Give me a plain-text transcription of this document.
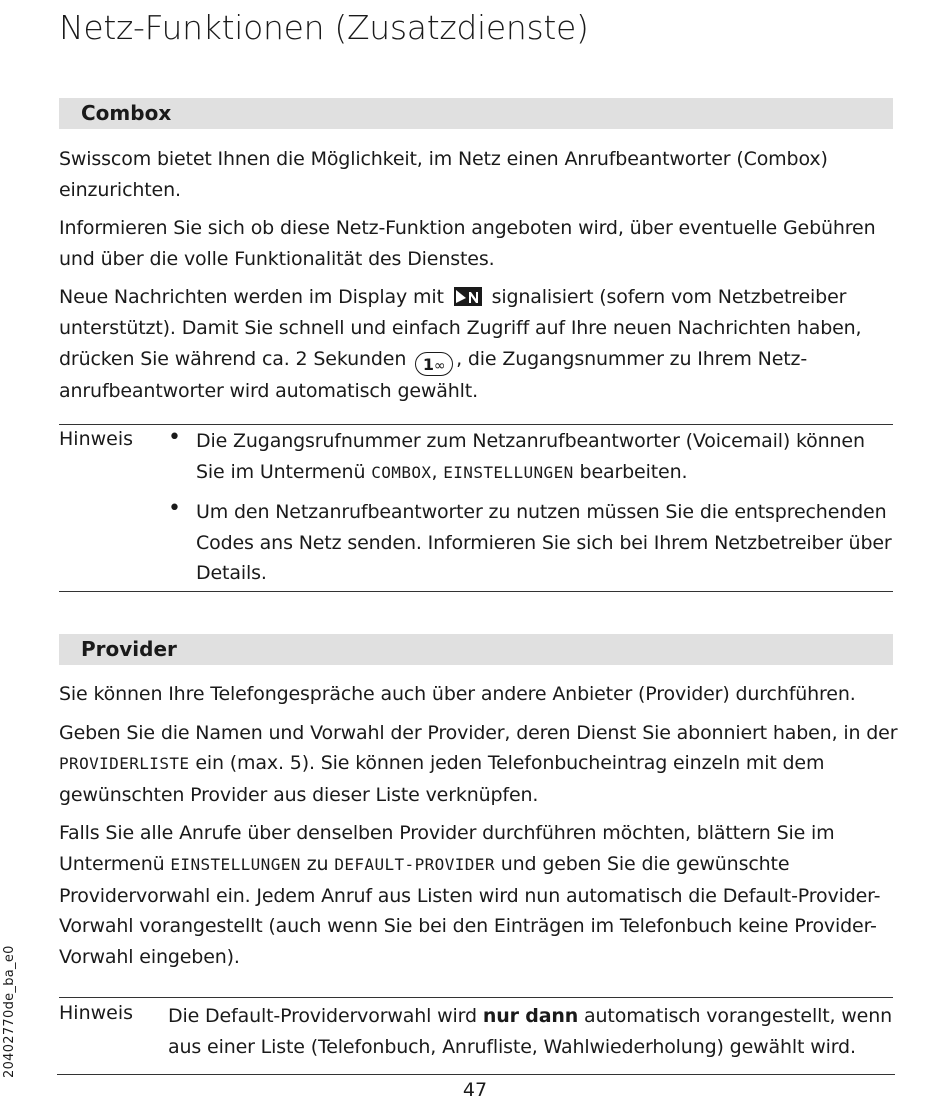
Netz-Funktionen (Zusatzdienste)
Combox

Swisscom bietet Ihnen die Möglichkeit, im Netz einen Anrufbeantworter (Combox) einzurichten.

Informieren Sie sich ob diese Netz-Funktion angeboten wird, über eventuelle Gebühren und über die volle Funktionalität des Dienstes.

Neue Nachrichten werden im Display mit	signalisiert (sofern vom Netzbetreiber unterstützt). Damit Sie schnell und einfach Zugriff auf Ihre neuen Nachrichten haben, drücken Sie während ca. 2 Sekunden 1∞ , die Zugangsnummer zu Ihrem Netz-anrufbeantworter wird automatisch gewählt.

Hinweis • Die Zugangsrufnummer zum Netzanrufbeantworter (Voicemail) können Sie im Untermenü COMBOX, EINSTELLUNGEN bearbeiten.
• Um den Netzanrufbeantworter zu nutzen müssen Sie die entsprechenden Codes ans Netz senden. Informieren Sie sich bei Ihrem Netzbetreiber über Details.
Provider

Sie können Ihre Telefongespräche auch über andere Anbieter (Provider) durchführen.

Geben Sie die Namen und Vorwahl der Provider, deren Dienst Sie abonniert haben, in der PROVIDERLISTE ein (max. 5). Sie können jeden Telefonbucheintrag einzeln mit dem gewünschten Provider aus dieser Liste verknüpfen.

Falls Sie alle Anrufe über denselben Provider durchführen möchten, blättern Sie im Untermenü EINSTELLUNGEN zu DEFAULT-PROVIDER und geben Sie die gewünschte Providervorwahl ein. Jedem Anruf aus Listen wird nun automatisch die Default-Provider-Vorwahl vorangestellt (auch wenn Sie bei den Einträgen im Telefonbuch keine Provider-Vorwahl eingeben).

Hinweis Die Default-Providervorwahl wird nur dann automatisch vorangestellt, wenn aus einer Liste (Telefonbuch, Anrufliste, Wahlwiederholung) gewählt wird.
20402770de_ba_e0
47
